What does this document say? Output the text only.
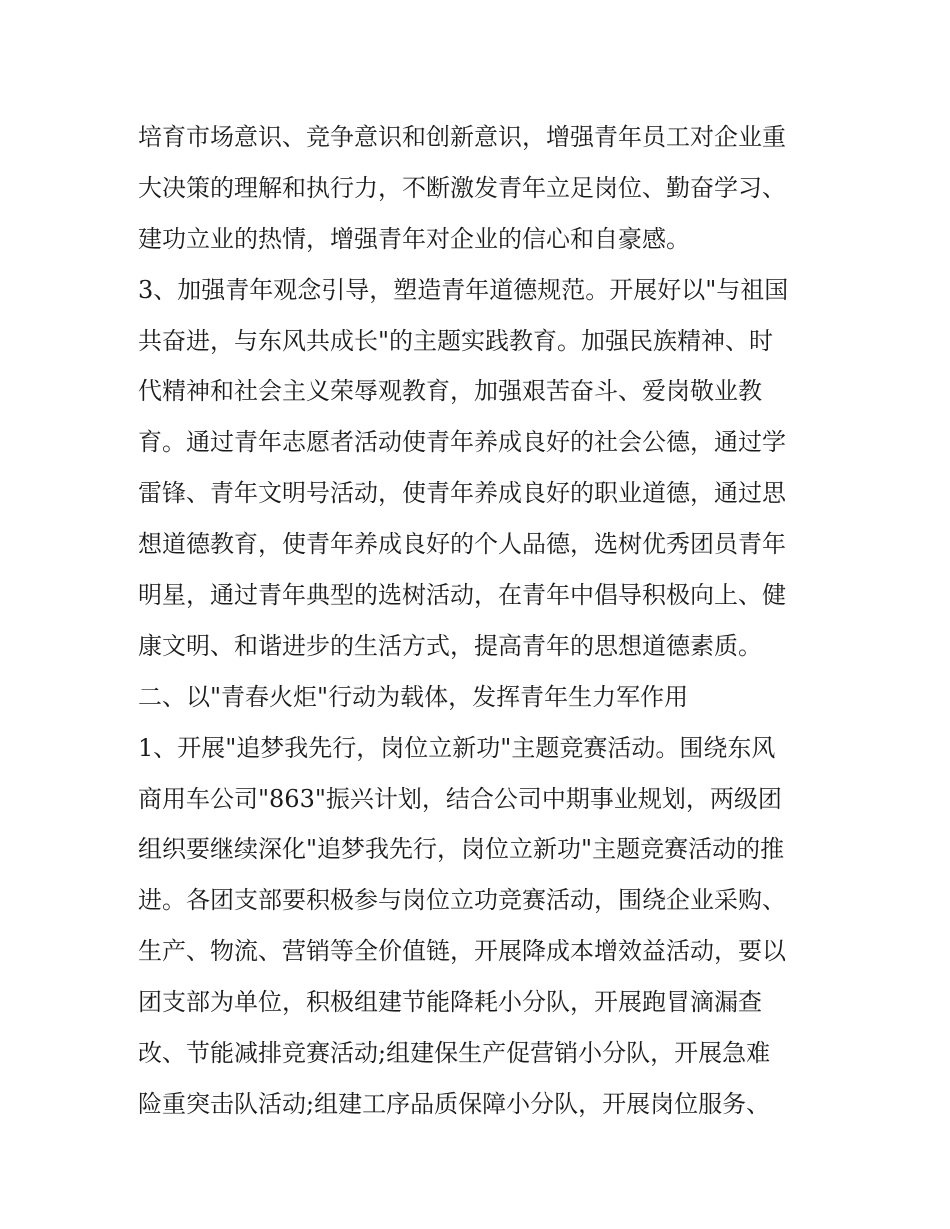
培育市场意识、竞争意识和创新意识，增强青年员工对企业重
大决策的理解和执行力，不断激发青年立足岗位、勤奋学习、
建功立业的热情，增强青年对企业的信心和自豪感。
3、加强青年观念引导，塑造青年道德规范。开展好以"与祖国
共奋进，与东风共成长"的主题实践教育。加强民族精神、时
代精神和社会主义荣辱观教育，加强艰苦奋斗、爱岗敬业教
育。通过青年志愿者活动使青年养成良好的社会公德，通过学
雷锋、青年文明号活动，使青年养成良好的职业道德，通过思
想道德教育，使青年养成良好的个人品德，选树优秀团员青年
明星，通过青年典型的选树活动，在青年中倡导积极向上、健
康文明、和谐进步的生活方式，提高青年的思想道德素质。
二、以"青春火炬"行动为载体，发挥青年生力军作用
1、开展"追梦我先行，岗位立新功"主题竞赛活动。围绕东风
商用车公司"863"振兴计划，结合公司中期事业规划，两级团
组织要继续深化"追梦我先行，岗位立新功"主题竞赛活动的推
进。各团支部要积极参与岗位立功竞赛活动，围绕企业采购、
生产、物流、营销等全价值链，开展降成本增效益活动，要以
团支部为单位，积极组建节能降耗小分队，开展跑冒滴漏查
改、节能减排竞赛活动;组建保生产促营销小分队，开展急难
险重突击队活动;组建工序品质保障小分队，开展岗位服务、
